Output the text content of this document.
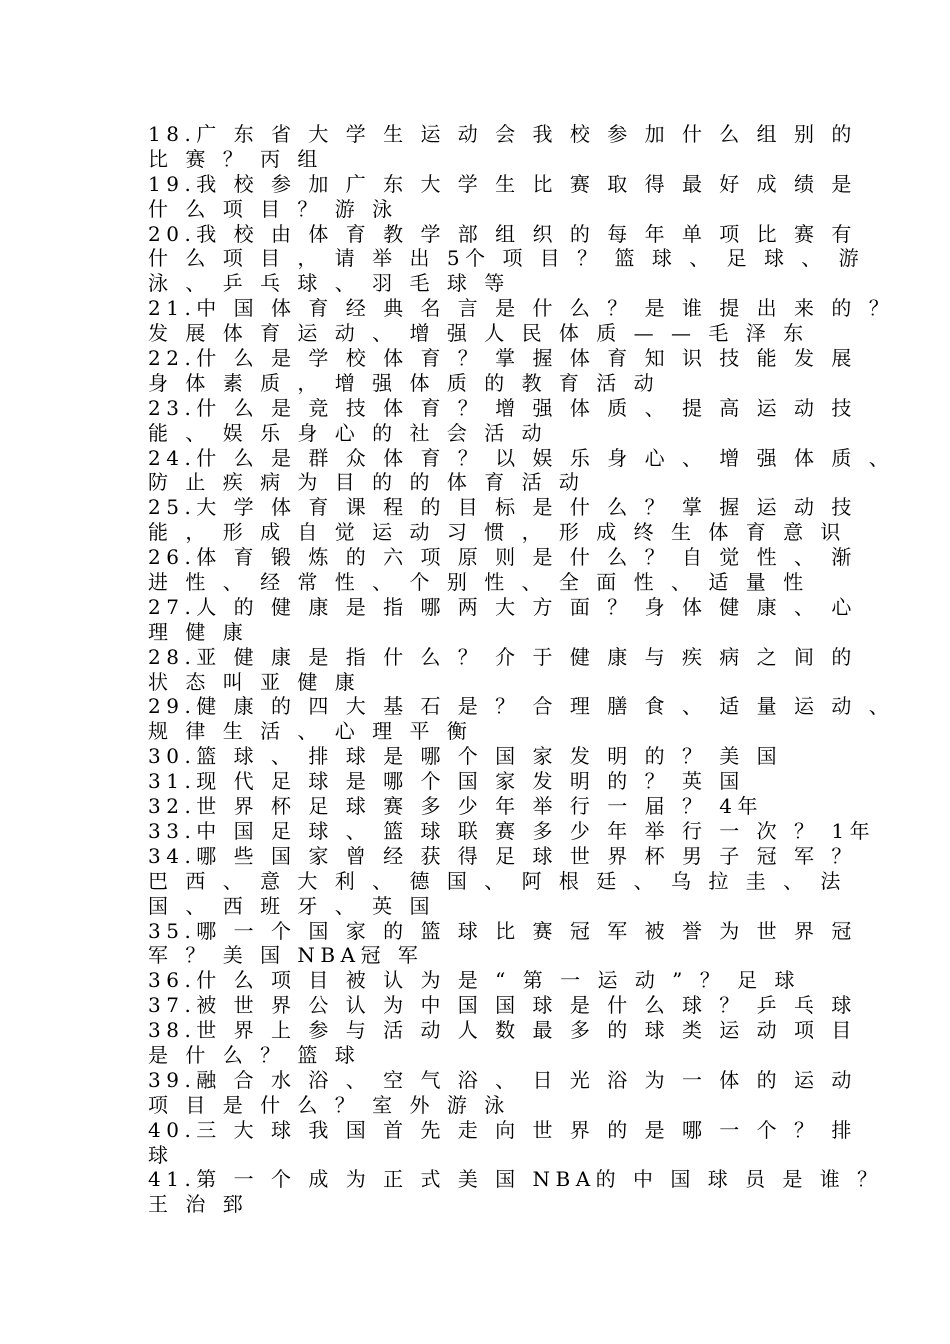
18.广 东 省 大 学 生 运 动 会 我 校 参 加 什 么 组 别 的
比 赛 ？ 丙 组
19.我 校 参 加 广 东 大 学 生 比 赛 取 得 最 好 成 绩 是
什 么 项 目 ？ 游 泳
20.我 校 由 体 育 教 学 部 组 织 的 每 年 单 项 比 赛 有
什 么 项 目 ， 请 举 出 5个 项 目 ？ 篮 球 、 足 球 、 游
泳 、 乒 乓 球 、 羽 毛 球 等
21.中 国 体 育 经 典 名 言 是 什 么 ？ 是 谁 提 出 来 的 ？
发 展 体 育 运 动 、 增 强 人 民 体 质 — — 毛 泽 东
22.什 么 是 学 校 体 育 ？ 掌 握 体 育 知 识 技 能 发 展
身 体 素 质 ， 增 强 体 质 的 教 育 活 动
23.什 么 是 竞 技 体 育 ？ 增 强 体 质 、 提 高 运 动 技
能 、 娱 乐 身 心 的 社 会 活 动
24.什 么 是 群 众 体 育 ？ 以 娱 乐 身 心 、 增 强 体 质 、
防 止 疾 病 为 目 的 的 体 育 活 动
25.大 学 体 育 课 程 的 目 标 是 什 么 ？ 掌 握 运 动 技
能 ， 形 成 自 觉 运 动 习 惯 ， 形 成 终 生 体 育 意 识
26.体 育 锻 炼 的 六 项 原 则 是 什 么 ？ 自 觉 性 、 渐
进 性 、 经 常 性 、 个 别 性 、 全 面 性 、 适 量 性
27.人 的 健 康 是 指 哪 两 大 方 面 ？ 身 体 健 康 、 心
理 健 康
28.亚 健 康 是 指 什 么 ？ 介 于 健 康 与 疾 病 之 间 的
状 态 叫 亚 健 康
29.健 康 的 四 大 基 石 是 ？ 合 理 膳 食 、 适 量 运 动 、
规 律 生 活 、 心 理 平 衡
30.篮 球 、 排 球 是 哪 个 国 家 发 明 的 ？ 美 国
31.现 代 足 球 是 哪 个 国 家 发 明 的 ？ 英 国
32.世 界 杯 足 球 赛 多 少 年 举 行 一 届 ？ 4年
33.中 国 足 球 、 篮 球 联 赛 多 少 年 举 行 一 次 ？ 1年
34.哪 些 国 家 曾 经 获 得 足 球 世 界 杯 男 子 冠 军 ？
巴 西 、 意 大 利 、 德 国 、 阿 根 廷 、 乌 拉 圭 、 法
国 、 西 班 牙 、 英 国
35.哪 一 个 国 家 的 篮 球 比 赛 冠 军 被 誉 为 世 界 冠
军 ？ 美 国 NBA冠 军
36.什 么 项 目 被 认 为 是 “ 第 一 运 动 ” ？ 足 球
37.被 世 界 公 认 为 中 国 国 球 是 什 么 球 ？ 乒 乓 球
38.世 界 上 参 与 活 动 人 数 最 多 的 球 类 运 动 项 目
是 什 么 ？ 篮 球
39.融 合 水 浴 、 空 气 浴 、 日 光 浴 为 一 体 的 运 动
项 目 是 什 么 ？ 室 外 游 泳
40.三 大 球 我 国 首 先 走 向 世 界 的 是 哪 一 个 ？ 排
球
41.第 一 个 成 为 正 式 美 国 NBA的 中 国 球 员 是 谁 ？
王 治 郅
